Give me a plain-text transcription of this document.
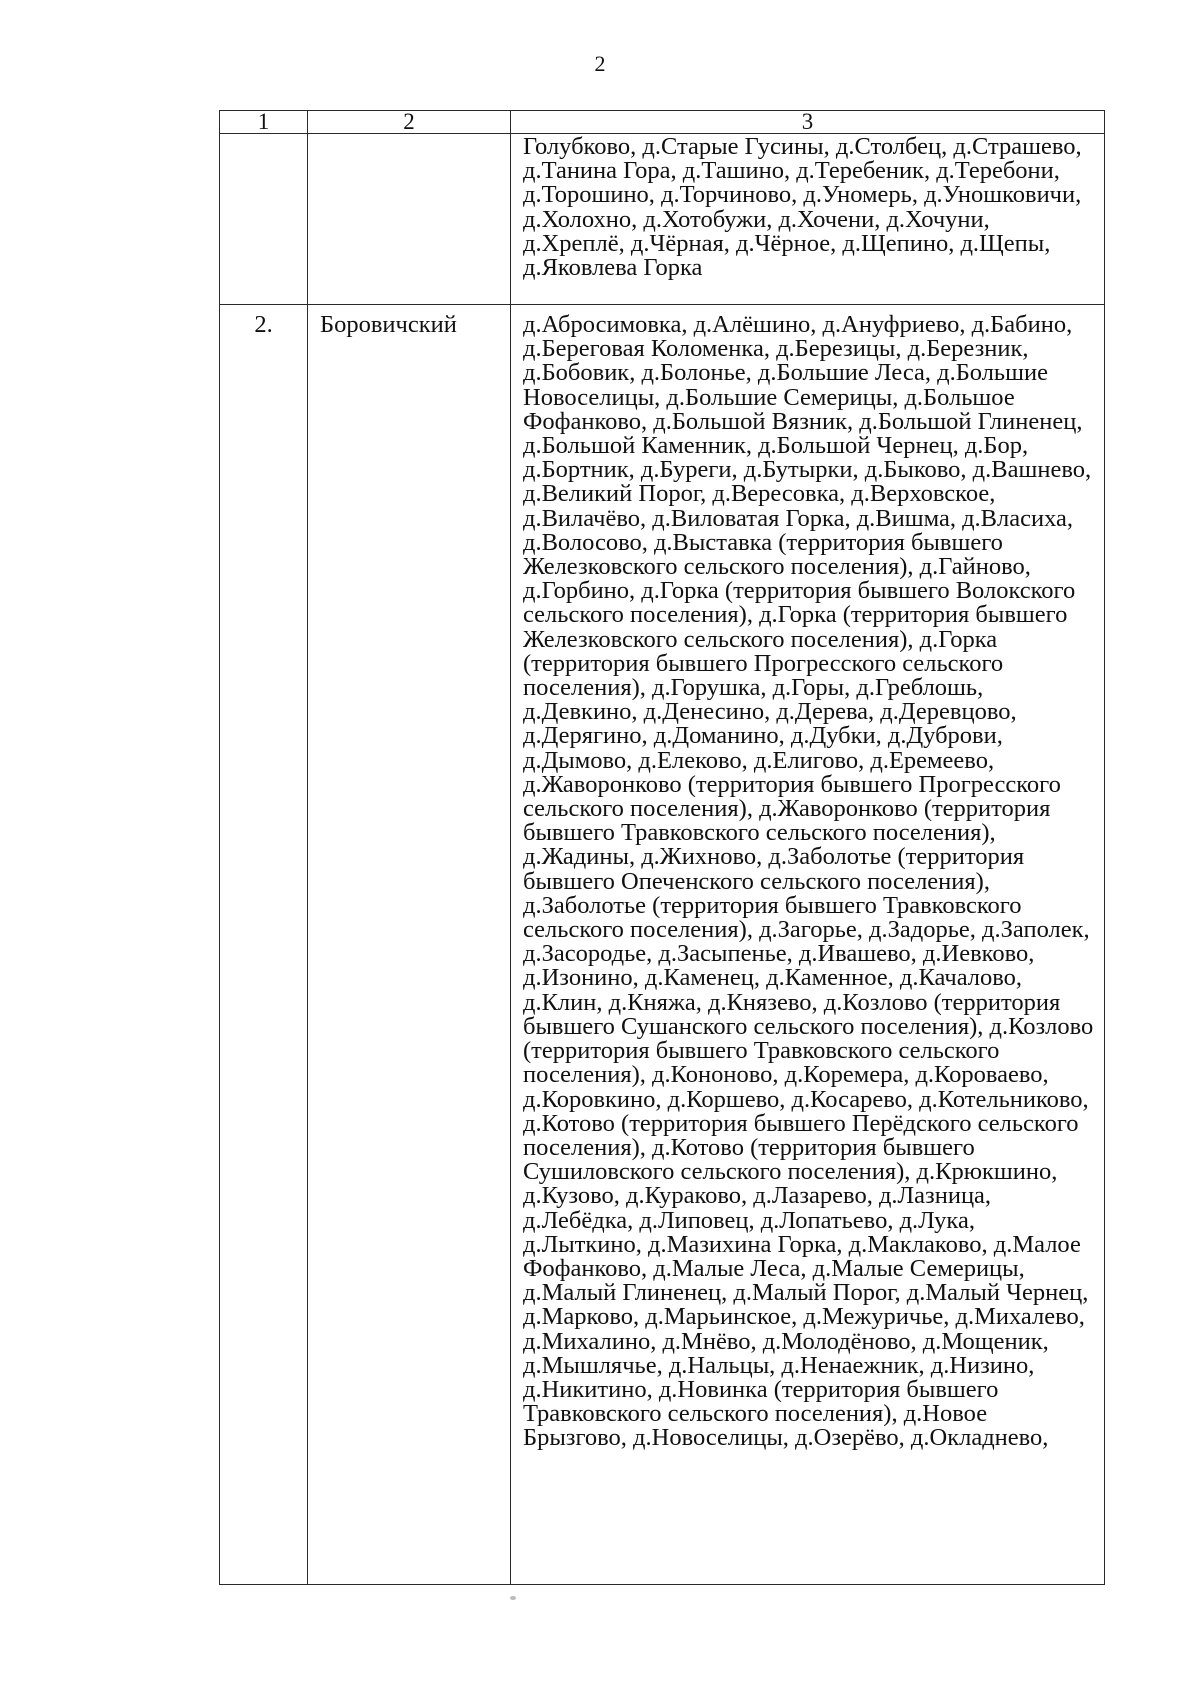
2
1	2	3

		Голубково, д.Старые Гусины, д.Столбец, д.Страшево, д.Танина Гора, д.Ташино, д.Теребеник, д.Теребони, д.Торошино, д.Торчиново, д.Уномерь, д.Уношковичи, д.Холохно, д.Хотобужи, д.Хочени, д.Хочуни, д.Хреплё, д.Чёрная, д.Чёрное, д.Щепино, д.Щепы, д.Яковлева Горка

2.	Боровичский	д.Абросимовка, д.Алёшино, д.Ануфриево, д.Бабино, д.Береговая Коломенка, д.Березицы, д.Березник, д.Бобовик, д.Болонье, д.Большие Леса, д.Большие Новоселицы, д.Большие Семерицы, д.Большое Фофанково, д.Большой Вязник, д.Большой Глиненец, д.Большой Каменник, д.Большой Чернец, д.Бор, д.Бортник, д.Буреги, д.Бутырки, д.Быково, д.Вашнево, д.Великий Порог, д.Вересовка, д.Верховское, д.Вилачёво, д.Виловатая Горка, д.Вишма, д.Власиха, д.Волосово, д.Выставка (территория бывшего Железковского сельского поселения), д.Гайново, д.Горбино, д.Горка (территория бывшего Волокского сельского поселения), д.Горка (территория бывшего Железковского сельского поселения), д.Горка (территория бывшего Прогресского сельского поселения), д.Горушка, д.Горы, д.Греблошь, д.Девкино, д.Денесино, д.Дерева, д.Деревцово, д.Дерягино, д.Доманино, д.Дубки, д.Дуброви, д.Дымово, д.Елеково, д.Елигово, д.Еремеево, д.Жаворонково (территория бывшего Прогресского сельского поселения), д.Жаворонково (территория бывшего Травковского сельского поселения), д.Жадины, д.Жихново, д.Заболотье (территория бывшего Опеченского сельского поселения), д.Заболотье (территория бывшего Травковского сельского поселения), д.Загорье, д.Задорье, д.Заполек, д.Засородье, д.Засыпенье, д.Ивашево, д.Иевково, д.Изонино, д.Каменец, д.Каменное, д.Качалово, д.Клин, д.Княжа, д.Князево, д.Козлово (территория бывшего Сушанского сельского поселения), д.Козлово (территория бывшего Травковского сельского поселения), д.Кононово, д.Коремера, д.Короваево, д.Коровкино, д.Коршево, д.Косарево, д.Котельниково, д.Котово (территория бывшего Перёдского сельского поселения), д.Котово (территория бывшего Сушиловского сельского поселения), д.Крюкшино, д.Кузово, д.Кураково, д.Лазарево, д.Лазница, д.Лебёдка, д.Липовец, д.Лопатьево, д.Лука, д.Лыткино, д.Мазихина Горка, д.Маклаково, д.Малое Фофанково, д.Малые Леса, д.Малые Семерицы, д.Малый Глиненец, д.Малый Порог, д.Малый Чернец, д.Марково, д.Марьинское, д.Межуричье, д.Михалево, д.Михалино, д.Мнёво, д.Молодёново, д.Мощеник, д.Мышлячье, д.Нальцы, д.Ненаежник, д.Низино, д.Никитино, д.Новинка (территория бывшего Травковского сельского поселения), д.Новое Брызгово, д.Новоселицы, д.Озерёво, д.Окладнево,
